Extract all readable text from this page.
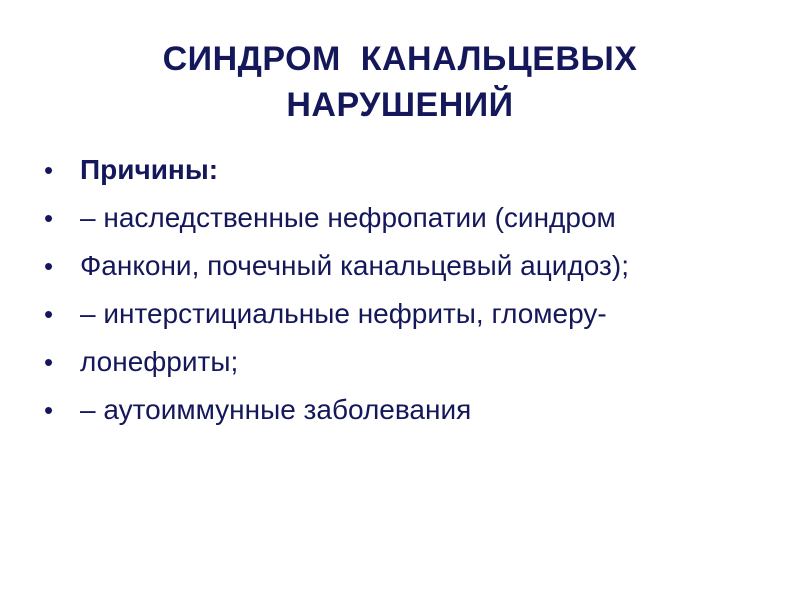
СИНДРОМ  КАНАЛЬЦЕВЫХ
НАРУШЕНИЙ
• Причины:
• – наследственные нефропатии (синдром
• Фанкони, почечный канальцевый ацидоз);
• – интерстициальные нефриты, гломеру-
• лонефриты;
• – аутоиммунные заболевания
